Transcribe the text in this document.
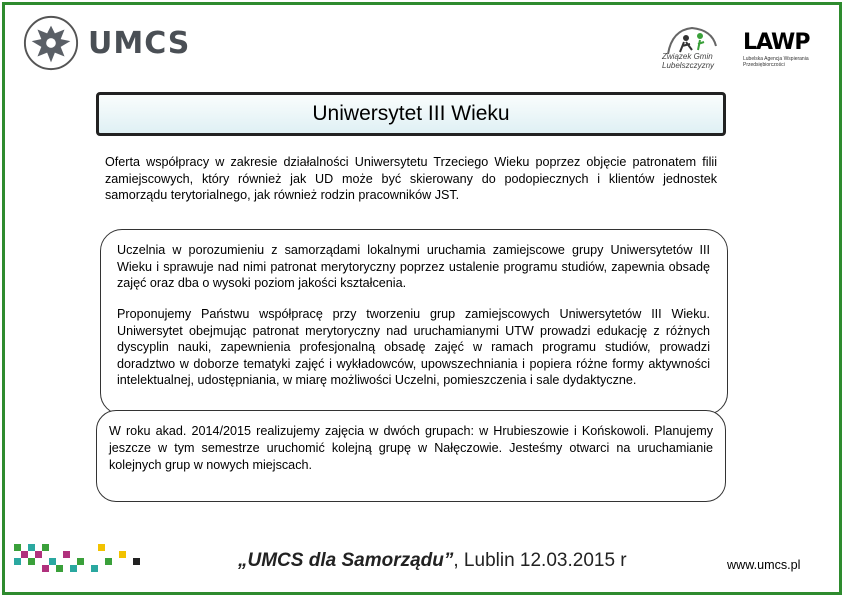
UMCS	Związek Gmin Lubelszczyzny
LAWP
Lubelska Agencja Wspierania Przedsiębiorczości
Uniwersytet III Wieku
Oferta współpracy w zakresie działalności Uniwersytetu Trzeciego Wieku poprzez objęcie patronatem filii zamiejscowych, który również jak UD może być skierowany do podopiecznych i klientów jednostek samorządu terytorialnego, jak również rodzin pracowników JST.

Uczelnia w porozumieniu z samorządami lokalnymi uruchamia zamiejscowe grupy Uniwersytetów III Wieku i sprawuje nad nimi patronat merytoryczny poprzez ustalenie programu studiów, zapewnia obsadę zajęć oraz dba o wysoki poziom jakości kształcenia.

Proponujemy Państwu współpracę przy tworzeniu grup zamiejscowych Uniwersytetów III Wieku. Uniwersytet obejmując patronat merytoryczny nad uruchamianymi UTW prowadzi edukację z różnych dyscyplin nauki, zapewnienia profesjonalną obsadę zajęć w ramach programu studiów, prowadzi doradztwo w doborze tematyki zajęć i wykładowców, upowszechniania i popiera różne formy aktywności intelektualnej, udostępniania, w miarę możliwości Uczelni, pomieszczenia i sale dydaktyczne.

W roku akad. 2014/2015 realizujemy zajęcia w dwóch grupach: w Hrubieszowie i Końskowoli. Planujemy jeszcze w tym semestrze uruchomić kolejną grupę w Nałęczowie. Jesteśmy otwarci na uruchamianie kolejnych grup w nowych miejscach.

„UMCS dla Samorządu”, Lublin 12.03.2015 r	www.umcs.pl
